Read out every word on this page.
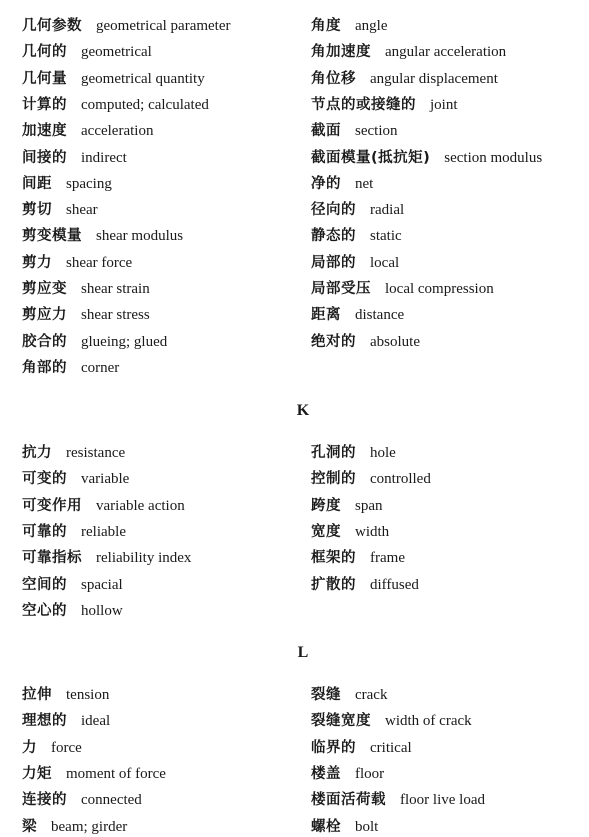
几何参数 geometrical parameter
几何的 geometrical
几何量 geometrical quantity
计算的 computed; calculated
加速度 acceleration
间接的 indirect
间距 spacing
剪切 shear
剪变模量 shear modulus
剪力 shear force
剪应变 shear strain
剪应力 shear stress
胶合的 glueing; glued
角部的 corner
角度 angle
角加速度 angular acceleration
角位移 angular displacement
节点的或接缝的 joint
截面 section
截面模量(抵抗矩) section modulus
净的 net
径向的 radial
静态的 static
局部的 local
局部受压 local compression
距离 distance
绝对的 absolute
K
抗力 resistance
可变的 variable
可变作用 variable action
可靠的 reliable
可靠指标 reliability index
空间的 spacial
空心的 hollow
孔洞的 hole
控制的 controlled
跨度 span
宽度 width
框架的 frame
扩散的 diffused
L
拉伸 tension
理想的 ideal
力 force
力矩 moment of force
连接的 connected
梁 beam; girder
裂缝 crack
裂缝宽度 width of crack
临界的 critical
楼盖 floor
楼面活荷载 floor live load
螺栓 bolt
